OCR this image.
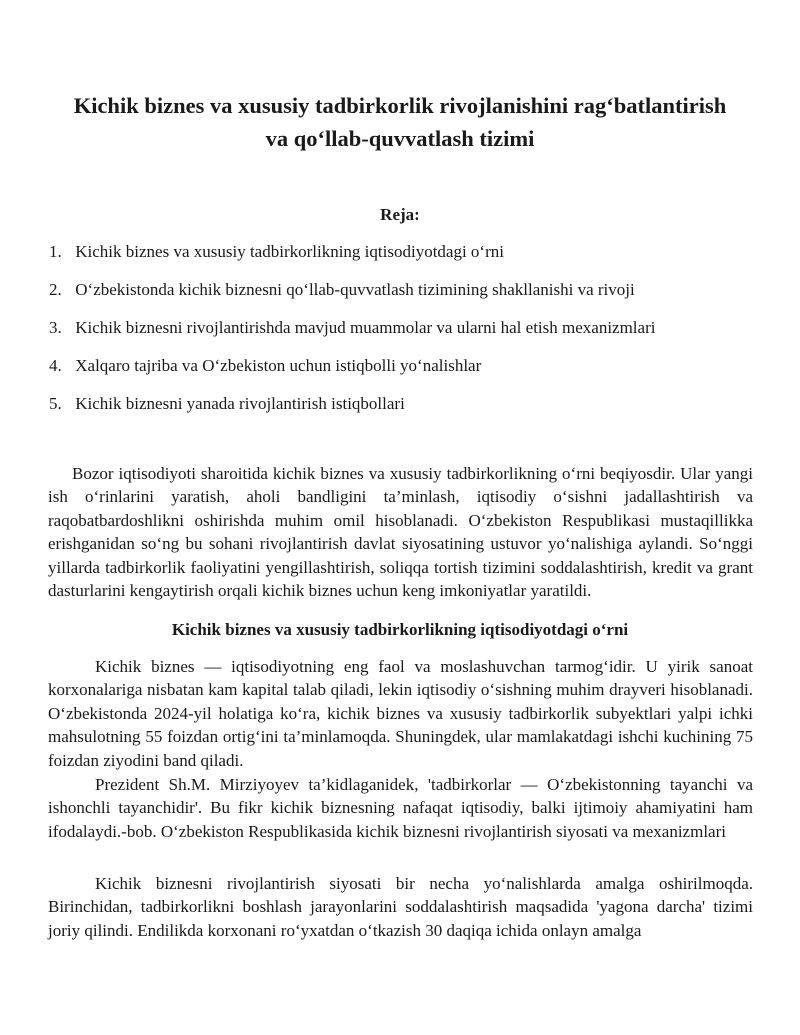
Kichik biznes va xususiy tadbirkorlik rivojlanishini rag‘batlantirish
va qo‘llab-quvvatlash tizimi

Reja:

1. Kichik biznes va xususiy tadbirkorlikning iqtisodiyotdagi o‘rni
2. O‘zbekistonda kichik biznesni qo‘llab-quvvatlash tizimining shakllanishi va rivoji
3. Kichik biznesni rivojlantirishda mavjud muammolar va ularni hal etish mexanizmlari
4. Xalqaro tajriba va O‘zbekiston uchun istiqbolli yo‘nalishlar
5. Kichik biznesni yanada rivojlantirish istiqbollari

Bozor iqtisodiyoti sharoitida kichik biznes va xususiy tadbirkorlikning o‘rni beqiyosdir. Ular yangi ish o‘rinlarini yaratish, aholi bandligini ta’minlash, iqtisodiy o‘sishni jadallashtirish va raqobatbardoshlikni oshirishda muhim omil hisoblanadi. O‘zbekiston Respublikasi mustaqillikka erishganidan so‘ng bu sohani rivojlantirish davlat siyosatining ustuvor yo‘nalishiga aylandi. So‘nggi yillarda tadbirkorlik faoliyatini yengillashtirish, soliqqa tortish tizimini soddalashtirish, kredit va grant dasturlarini kengaytirish orqali kichik biznes uchun keng imkoniyatlar yaratildi.

Kichik biznes va xususiy tadbirkorlikning iqtisodiyotdagi o‘rni

Kichik biznes — iqtisodiyotning eng faol va moslashuvchan tarmog‘idir. U yirik sanoat korxonalariga nisbatan kam kapital talab qiladi, lekin iqtisodiy o‘sishning muhim drayveri hisoblanadi. O‘zbekistonda 2024-yil holatiga ko‘ra, kichik biznes va xususiy tadbirkorlik subyektlari yalpi ichki mahsulotning 55 foizdan ortig‘ini ta’minlamoqda. Shuningdek, ular mamlakatdagi ishchi kuchining 75 foizdan ziyodini band qiladi.

Prezident Sh.M. Mirziyoyev ta’kidlaganidek, 'tadbirkorlar — O‘zbekistonning tayanchi va ishonchli tayanchidir'. Bu fikr kichik biznesning nafaqat iqtisodiy, balki ijtimoiy ahamiyatini ham ifodalaydi.-bob. O‘zbekiston Respublikasida kichik biznesni rivojlantirish siyosati va mexanizmlari

Kichik biznesni rivojlantirish siyosati bir necha yo‘nalishlarda amalga oshirilmoqda. Birinchidan, tadbirkorlikni boshlash jarayonlarini soddalashtirish maqsadida 'yagona darcha' tizimi joriy qilindi. Endilikda korxonani ro‘yxatdan o‘tkazish 30 daqiqa ichida onlayn amalga
